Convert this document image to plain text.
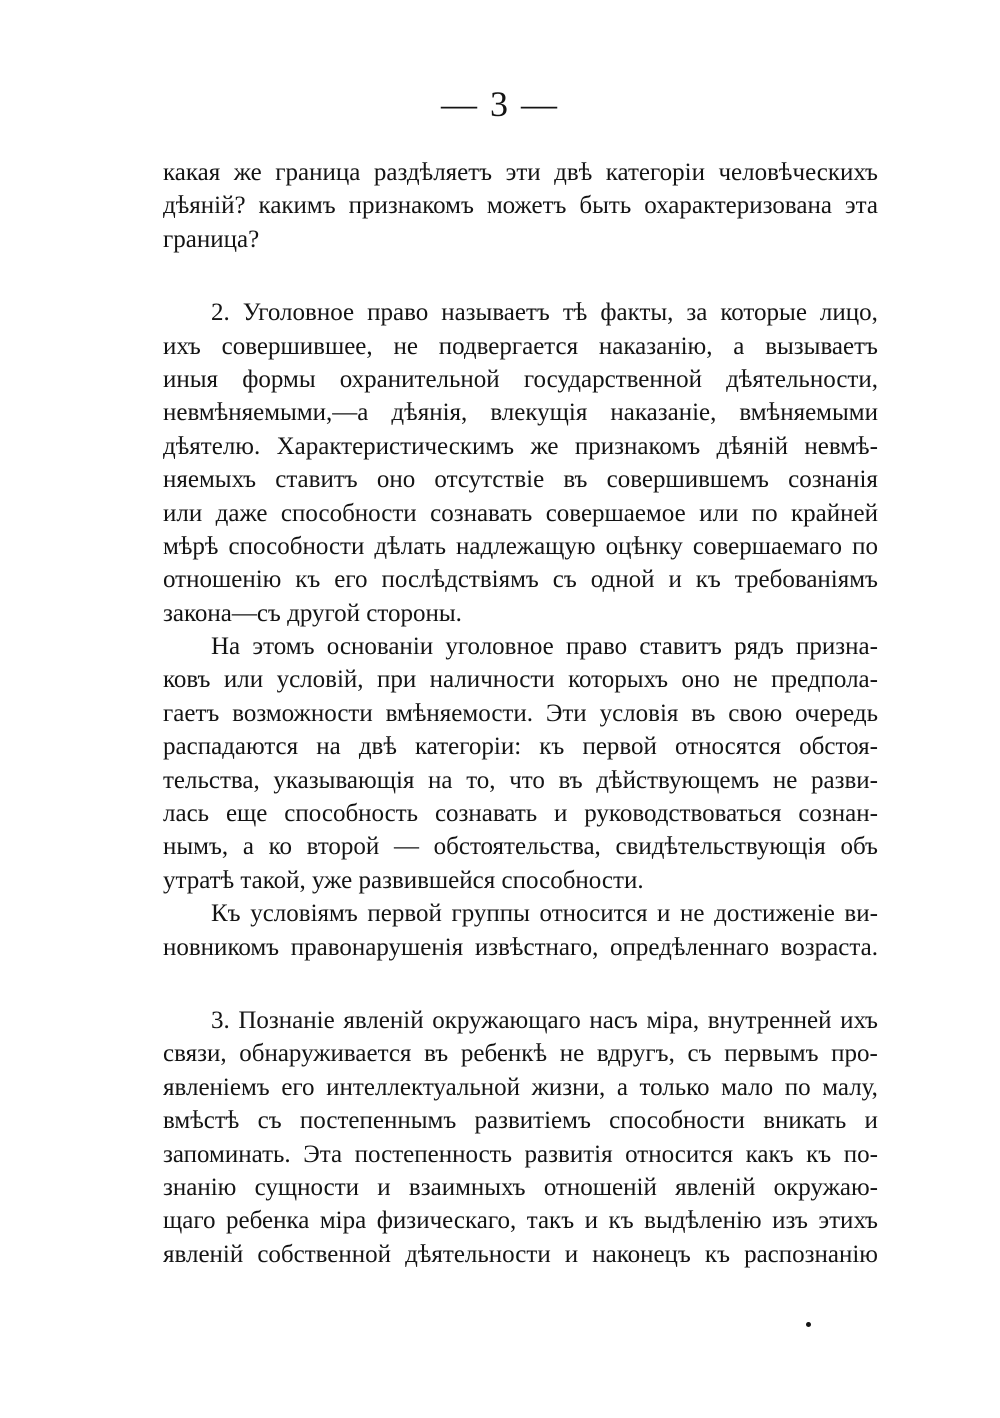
— 3 —
какая же граница раздѣляетъ эти двѣ категоріи человѣческихъ
дѣяній? какимъ признакомъ можетъ быть охарактеризована эта
граница?
2. Уголовное право называетъ тѣ факты, за которые лицо,
ихъ совершившее, не подвергается наказанію, а вызываетъ
иныя формы охранительной государственной дѣятельности,
невмѣняемыми,—а дѣянія, влекущія наказаніе, вмѣняемыми
дѣятелю. Характеристическимъ же признакомъ дѣяній невмѣ-
няемыхъ ставитъ оно отсутствіе въ совершившемъ сознанія
или даже способности сознавать совершаемое или по крайней
мѣрѣ способности дѣлать надлежащую оцѣнку совершаемаго по
отношенію къ его послѣдствіямъ съ одной и къ требованіямъ
закона—съ другой стороны.
На этомъ основаніи уголовное право ставитъ рядъ призна-
ковъ или условій, при наличности которыхъ оно не предпола-
гаетъ возможности вмѣняемости. Эти условія въ свою очередь
распадаются на двѣ категоріи: къ первой относятся обстоя-
тельства, указывающія на то, что въ дѣйствующемъ не разви-
лась еще способность сознавать и руководствоваться сознан-
нымъ, а ко второй — обстоятельства, свидѣтельствующія объ
утратѣ такой, уже развившейся способности.
Къ условіямъ первой группы относится и не достиженіе ви-
новникомъ правонарушенія извѣстнаго, опредѣленнаго возраста.
3. Познаніе явленій окружающаго насъ міра, внутренней ихъ
связи, обнаруживается въ ребенкѣ не вдругъ, съ первымъ про-
явленіемъ его интеллектуальной жизни, а только мало по малу,
вмѣстѣ съ постепеннымъ развитіемъ способности вникать и
запоминать. Эта постепенность развитія относится какъ къ по-
знанію сущности и взаимныхъ отношеній явленій окружаю-
щаго ребенка міра физическаго, такъ и къ выдѣленію изъ этихъ
явленій собственной дѣятельности и наконецъ къ распознанію
